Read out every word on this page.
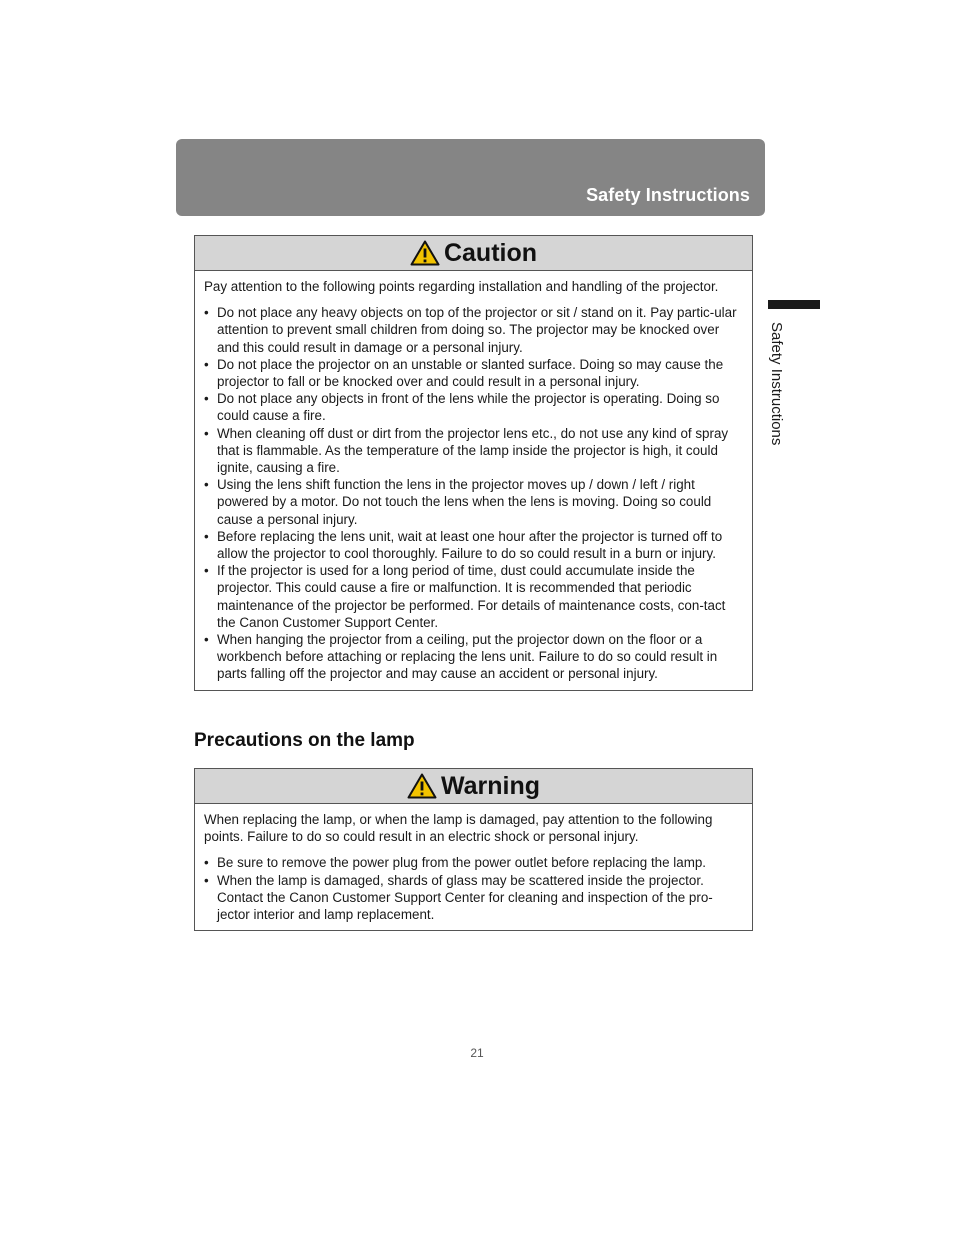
Safety Instructions
Safety Instructions
Caution

Pay attention to the following points regarding installation and handling of the projector.

• Do not place any heavy objects on top of the projector or sit / stand on it. Pay partic-ular attention to prevent small children from doing so. The projector may be knocked over and this could result in damage or a personal injury.
• Do not place the projector on an unstable or slanted surface. Doing so may cause the projector to fall or be knocked over and could result in a personal injury.
• Do not place any objects in front of the lens while the projector is operating. Doing so could cause a fire.
• When cleaning off dust or dirt from the projector lens etc., do not use any kind of spray that is flammable. As the temperature of the lamp inside the projector is high, it could ignite, causing a fire.
• Using the lens shift function the lens in the projector moves up / down / left / right powered by a motor. Do not touch the lens when the lens is moving. Doing so could cause a personal injury.
• Before replacing the lens unit, wait at least one hour after the projector is turned off to allow the projector to cool thoroughly. Failure to do so could result in a burn or injury.
• If the projector is used for a long period of time, dust could accumulate inside the projector. This could cause a fire or malfunction. It is recommended that periodic maintenance of the projector be performed. For details of maintenance costs, con-tact the Canon Customer Support Center.
• When hanging the projector from a ceiling, put the projector down on the floor or a workbench before attaching or replacing the lens unit. Failure to do so could result in parts falling off the projector and may cause an accident or personal injury.
Precautions on the lamp
Warning

When replacing the lamp, or when the lamp is damaged, pay attention to the following points. Failure to do so could result in an electric shock or personal injury.

• Be sure to remove the power plug from the power outlet before replacing the lamp.
• When the lamp is damaged, shards of glass may be scattered inside the projector. Contact the Canon Customer Support Center for cleaning and inspection of the pro-jector interior and lamp replacement.
21
